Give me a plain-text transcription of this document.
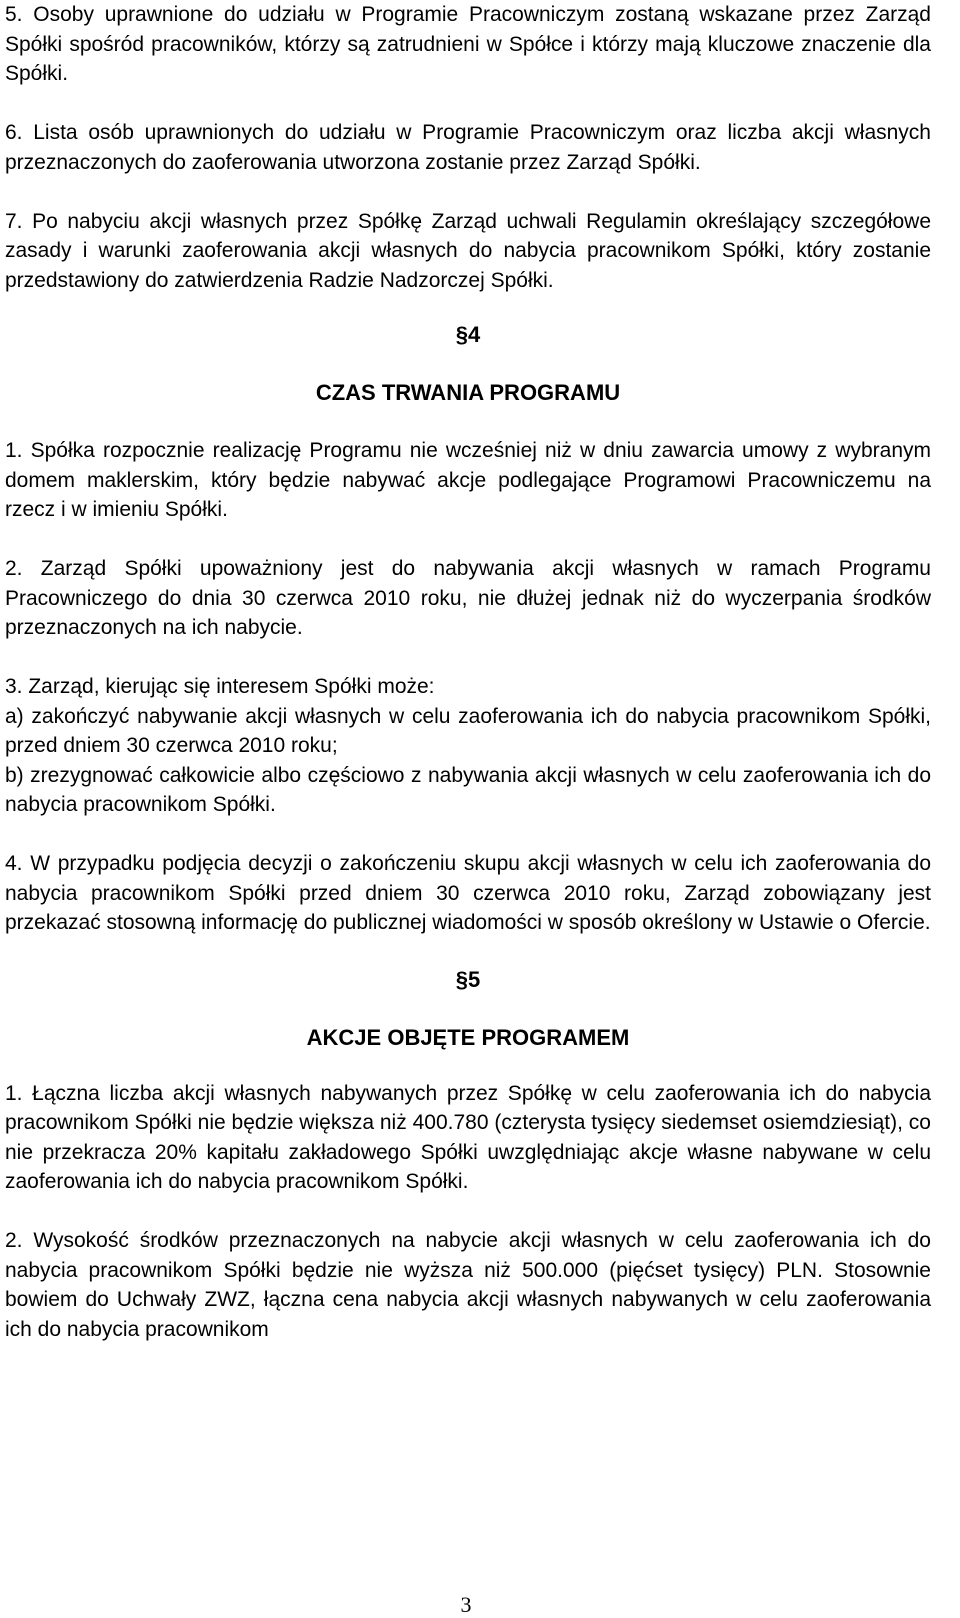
5. Osoby uprawnione do udziału w Programie Pracowniczym zostaną wskazane przez Zarząd Spółki spośród pracowników, którzy są zatrudnieni w Spółce i którzy mają kluczowe znaczenie dla Spółki.

6. Lista osób uprawnionych do udziału w Programie Pracowniczym oraz liczba akcji własnych przeznaczonych do zaoferowania utworzona zostanie przez Zarząd Spółki.

7. Po nabyciu akcji własnych przez Spółkę Zarząd uchwali Regulamin określający szczegółowe zasady i warunki zaoferowania akcji własnych do nabycia pracownikom Spółki, który zostanie przedstawiony do zatwierdzenia Radzie Nadzorczej Spółki.

§4

CZAS TRWANIA PROGRAMU

1. Spółka rozpocznie realizację Programu nie wcześniej niż w dniu zawarcia umowy z wybranym domem maklerskim, który będzie nabywać akcje podlegające Programowi Pracowniczemu na rzecz i w imieniu Spółki.

2. Zarząd Spółki upoważniony jest do nabywania akcji własnych w ramach Programu Pracowniczego do dnia 30 czerwca 2010 roku, nie dłużej jednak niż do wyczerpania środków przeznaczonych na ich nabycie.

3. Zarząd, kierując się interesem Spółki może:

a) zakończyć nabywanie akcji własnych w celu zaoferowania ich do nabycia pracownikom Spółki, przed dniem 30 czerwca 2010 roku;

b) zrezygnować całkowicie albo częściowo z nabywania akcji własnych w celu zaoferowania ich do nabycia pracownikom Spółki.

4. W przypadku podjęcia decyzji o zakończeniu skupu akcji własnych w celu ich zaoferowania do nabycia pracownikom Spółki przed dniem 30 czerwca 2010 roku, Zarząd zobowiązany jest przekazać stosowną informację do publicznej wiadomości w sposób określony w Ustawie o Ofercie.

§5

AKCJE OBJĘTE PROGRAMEM

1. Łączna liczba akcji własnych nabywanych przez Spółkę w celu zaoferowania ich do nabycia pracownikom Spółki nie będzie większa niż 400.780 (czterysta tysięcy siedemset osiemdziesiąt), co nie przekracza 20% kapitału zakładowego Spółki uwzględniając akcje własne nabywane w celu zaoferowania ich do nabycia pracownikom Spółki.

2. Wysokość środków przeznaczonych na nabycie akcji własnych w celu zaoferowania ich do nabycia pracownikom Spółki będzie nie wyższa niż 500.000 (pięćset tysięcy) PLN. Stosownie bowiem do Uchwały ZWZ, łączna cena nabycia akcji własnych nabywanych w celu zaoferowania ich do nabycia pracownikom

3
